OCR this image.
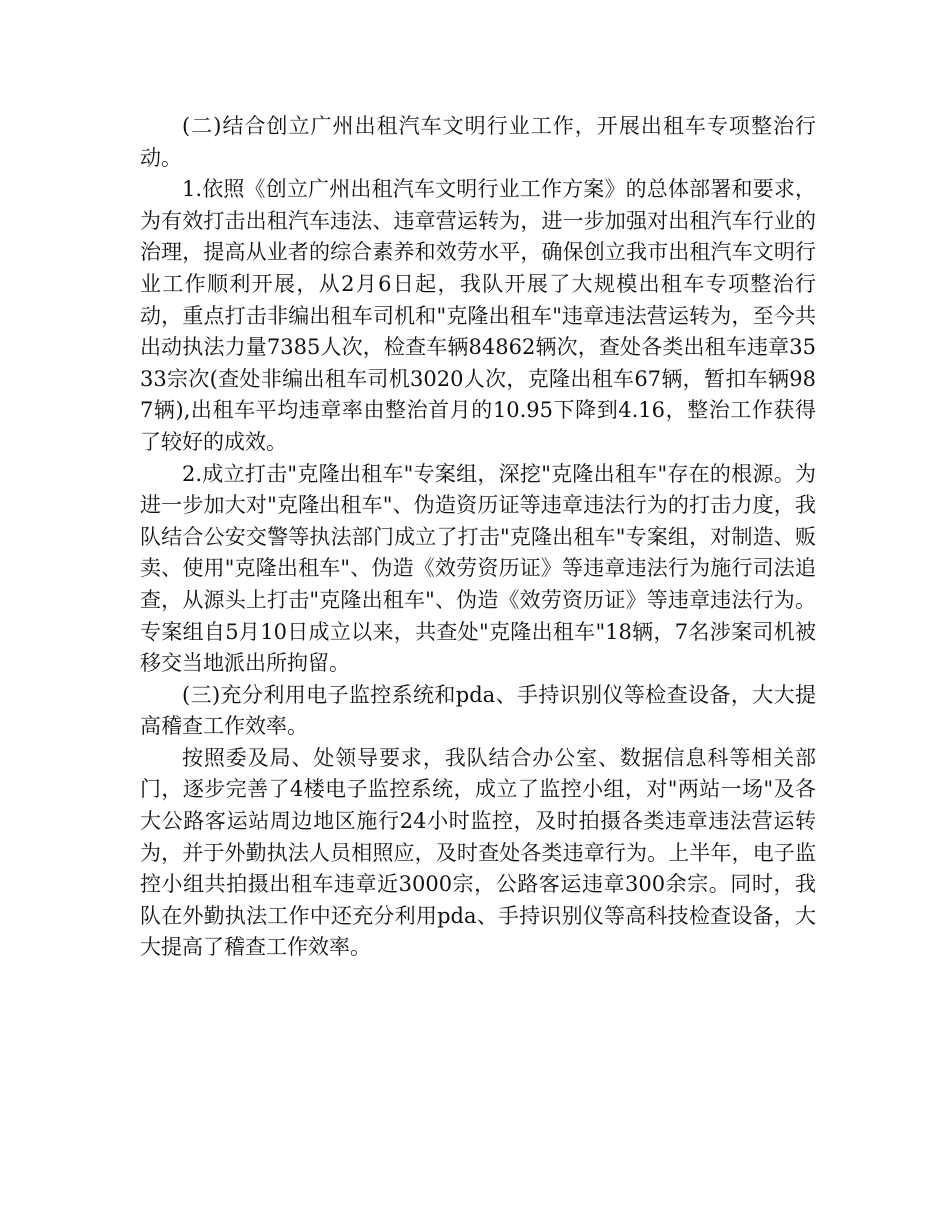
(二)结合创立广州出租汽车文明行业工作，开展出租车专项整治行动。

1.依照《创立广州出租汽车文明行业工作方案》的总体部署和要求，为有效打击出租汽车违法、违章营运转为，进一步加强对出租汽车行业的治理，提高从业者的综合素养和效劳水平，确保创立我市出租汽车文明行业工作顺利开展，从2月6日起，我队开展了大规模出租车专项整治行动，重点打击非编出租车司机和"克隆出租车"违章违法营运转为，至今共出动执法力量7385人次，检查车辆84862辆次，查处各类出租车违章3533宗次(查处非编出租车司机3020人次，克隆出租车67辆，暂扣车辆987辆),出租车平均违章率由整治首月的10.95下降到4.16，整治工作获得了较好的成效。

2.成立打击"克隆出租车"专案组，深挖"克隆出租车"存在的根源。为进一步加大对"克隆出租车"、伪造资历证等违章违法行为的打击力度，我队结合公安交警等执法部门成立了打击"克隆出租车"专案组，对制造、贩卖、使用"克隆出租车"、伪造《效劳资历证》等违章违法行为施行司法追查，从源头上打击"克隆出租车"、伪造《效劳资历证》等违章违法行为。专案组自5月10日成立以来，共查处"克隆出租车"18辆，7名涉案司机被移交当地派出所拘留。

(三)充分利用电子监控系统和pda、手持识别仪等检查设备，大大提高稽查工作效率。

按照委及局、处领导要求，我队结合办公室、数据信息科等相关部门，逐步完善了4楼电子监控系统，成立了监控小组，对"两站一场"及各大公路客运站周边地区施行24小时监控，及时拍摄各类违章违法营运转为，并于外勤执法人员相照应，及时查处各类违章行为。上半年，电子监控小组共拍摄出租车违章近3000宗，公路客运违章300余宗。同时，我队在外勤执法工作中还充分利用pda、手持识别仪等高科技检查设备，大大提高了稽查工作效率。
